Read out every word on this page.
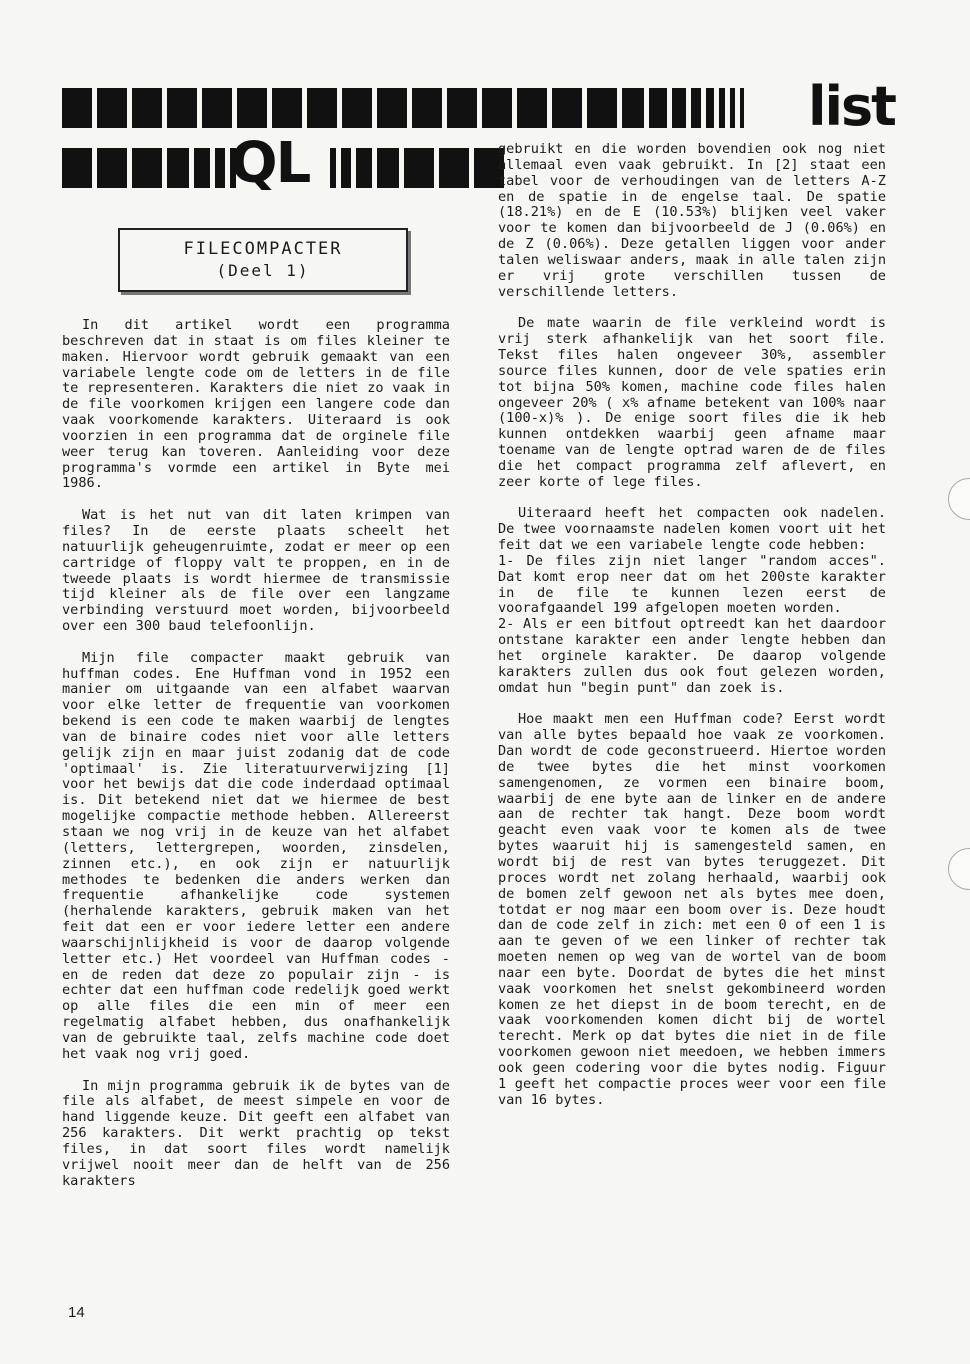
list
QL
FILECOMPACTER
(Deel 1)

In dit artikel wordt een programma beschreven dat in staat is om files kleiner te maken. Hiervoor wordt gebruik gemaakt van een variabele lengte code om de letters in de file te representeren. Karakters die niet zo vaak in de file voorkomen krijgen een langere code dan vaak voorkomende karakters. Uiteraard is ook voorzien in een programma dat de orginele file weer terug kan toveren. Aanleiding voor deze programma's vormde een artikel in Byte mei 1986.

Wat is het nut van dit laten krimpen van files? In de eerste plaats scheelt het natuurlijk geheugenruimte, zodat er meer op een cartridge of floppy valt te proppen, en in de tweede plaats is wordt hiermee de transmissie tijd kleiner als de file over een langzame verbinding verstuurd moet worden, bijvoorbeeld over een 300 baud telefoonlijn.

Mijn file compacter maakt gebruik van huffman codes. Ene Huffman vond in 1952 een manier om uitgaande van een alfabet waarvan voor elke letter de frequentie van voorkomen bekend is een code te maken waarbij de lengtes van de binaire codes niet voor alle letters gelijk zijn en maar juist zodanig dat de code 'optimaal' is. Zie literatuurverwijzing [1] voor het bewijs dat die code inderdaad optimaal is. Dit betekend niet dat we hiermee de best mogelijke compactie methode hebben. Allereerst staan we nog vrij in de keuze van het alfabet (letters, lettergrepen, woorden, zinsdelen, zinnen etc.), en ook zijn er natuurlijk methodes te bedenken die anders werken dan frequentie afhankelijke code systemen (herhalende karakters, gebruik maken van het feit dat een er voor iedere letter een andere waarschijnlijkheid is voor de daarop volgende letter etc.) Het voordeel van Huffman codes - en de reden dat deze zo populair zijn - is echter dat een huffman code redelijk goed werkt op alle files die een min of meer een regelmatig alfabet hebben, dus onafhankelijk van de gebruikte taal, zelfs machine code doet het vaak nog vrij goed.

In mijn programma gebruik ik de bytes van de file als alfabet, de meest simpele en voor de hand liggende keuze. Dit geeft een alfabet van 256 karakters. Dit werkt prachtig op tekst files, in dat soort files wordt namelijk vrijwel nooit meer dan de helft van de 256 karakters

gebruikt en die worden bovendien ook nog niet allemaal even vaak gebruikt. In [2] staat een tabel voor de verhoudingen van de letters A-Z en de spatie in de engelse taal. De spatie (18.21%) en de E (10.53%) blijken veel vaker voor te komen dan bijvoorbeeld de J (0.06%) en de Z (0.06%). Deze getallen liggen voor ander talen weliswaar anders, maak in alle talen zijn er vrij grote verschillen tussen de verschillende letters.

De mate waarin de file verkleind wordt is vrij sterk afhankelijk van het soort file. Tekst files halen ongeveer 30%, assembler source files kunnen, door de vele spaties erin tot bijna 50% komen, machine code files halen ongeveer 20% ( x% afname betekent van 100% naar (100-x)% ). De enige soort files die ik heb kunnen ontdekken waarbij geen afname maar toename van de lengte optrad waren de de files die het compact programma zelf aflevert, en zeer korte of lege files.

Uiteraard heeft het compacten ook nadelen. De twee voornaamste nadelen komen voort uit het feit dat we een variabele lengte code hebben:
1- De files zijn niet langer "random acces". Dat komt erop neer dat om het 200ste karakter in de file te kunnen lezen eerst de voorafgaandel 199 afgelopen moeten worden.
2- Als er een bitfout optreedt kan het daardoor ontstane karakter een ander lengte hebben dan het orginele karakter. De daarop volgende karakters zullen dus ook fout gelezen worden, omdat hun "begin punt" dan zoek is.

Hoe maakt men een Huffman code? Eerst wordt van alle bytes bepaald hoe vaak ze voorkomen. Dan wordt de code geconstrueerd. Hiertoe worden de twee bytes die het minst voorkomen samengenomen, ze vormen een binaire boom, waarbij de ene byte aan de linker en de andere aan de rechter tak hangt. Deze boom wordt geacht even vaak voor te komen als de twee bytes waaruit hij is samengesteld samen, en wordt bij de rest van bytes teruggezet. Dit proces wordt net zolang herhaald, waarbij ook de bomen zelf gewoon net als bytes mee doen, totdat er nog maar een boom over is. Deze houdt dan de code zelf in zich: met een 0 of een 1 is aan te geven of we een linker of rechter tak moeten nemen op weg van de wortel van de boom naar een byte. Doordat de bytes die het minst vaak voorkomen het snelst gekombineerd worden komen ze het diepst in de boom terecht, en de vaak voorkomenden komen dicht bij de wortel terecht. Merk op dat bytes die niet in de file voorkomen gewoon niet meedoen, we hebben immers ook geen codering voor die bytes nodig. Figuur 1 geeft het compactie proces weer voor een file van 16 bytes.

14
